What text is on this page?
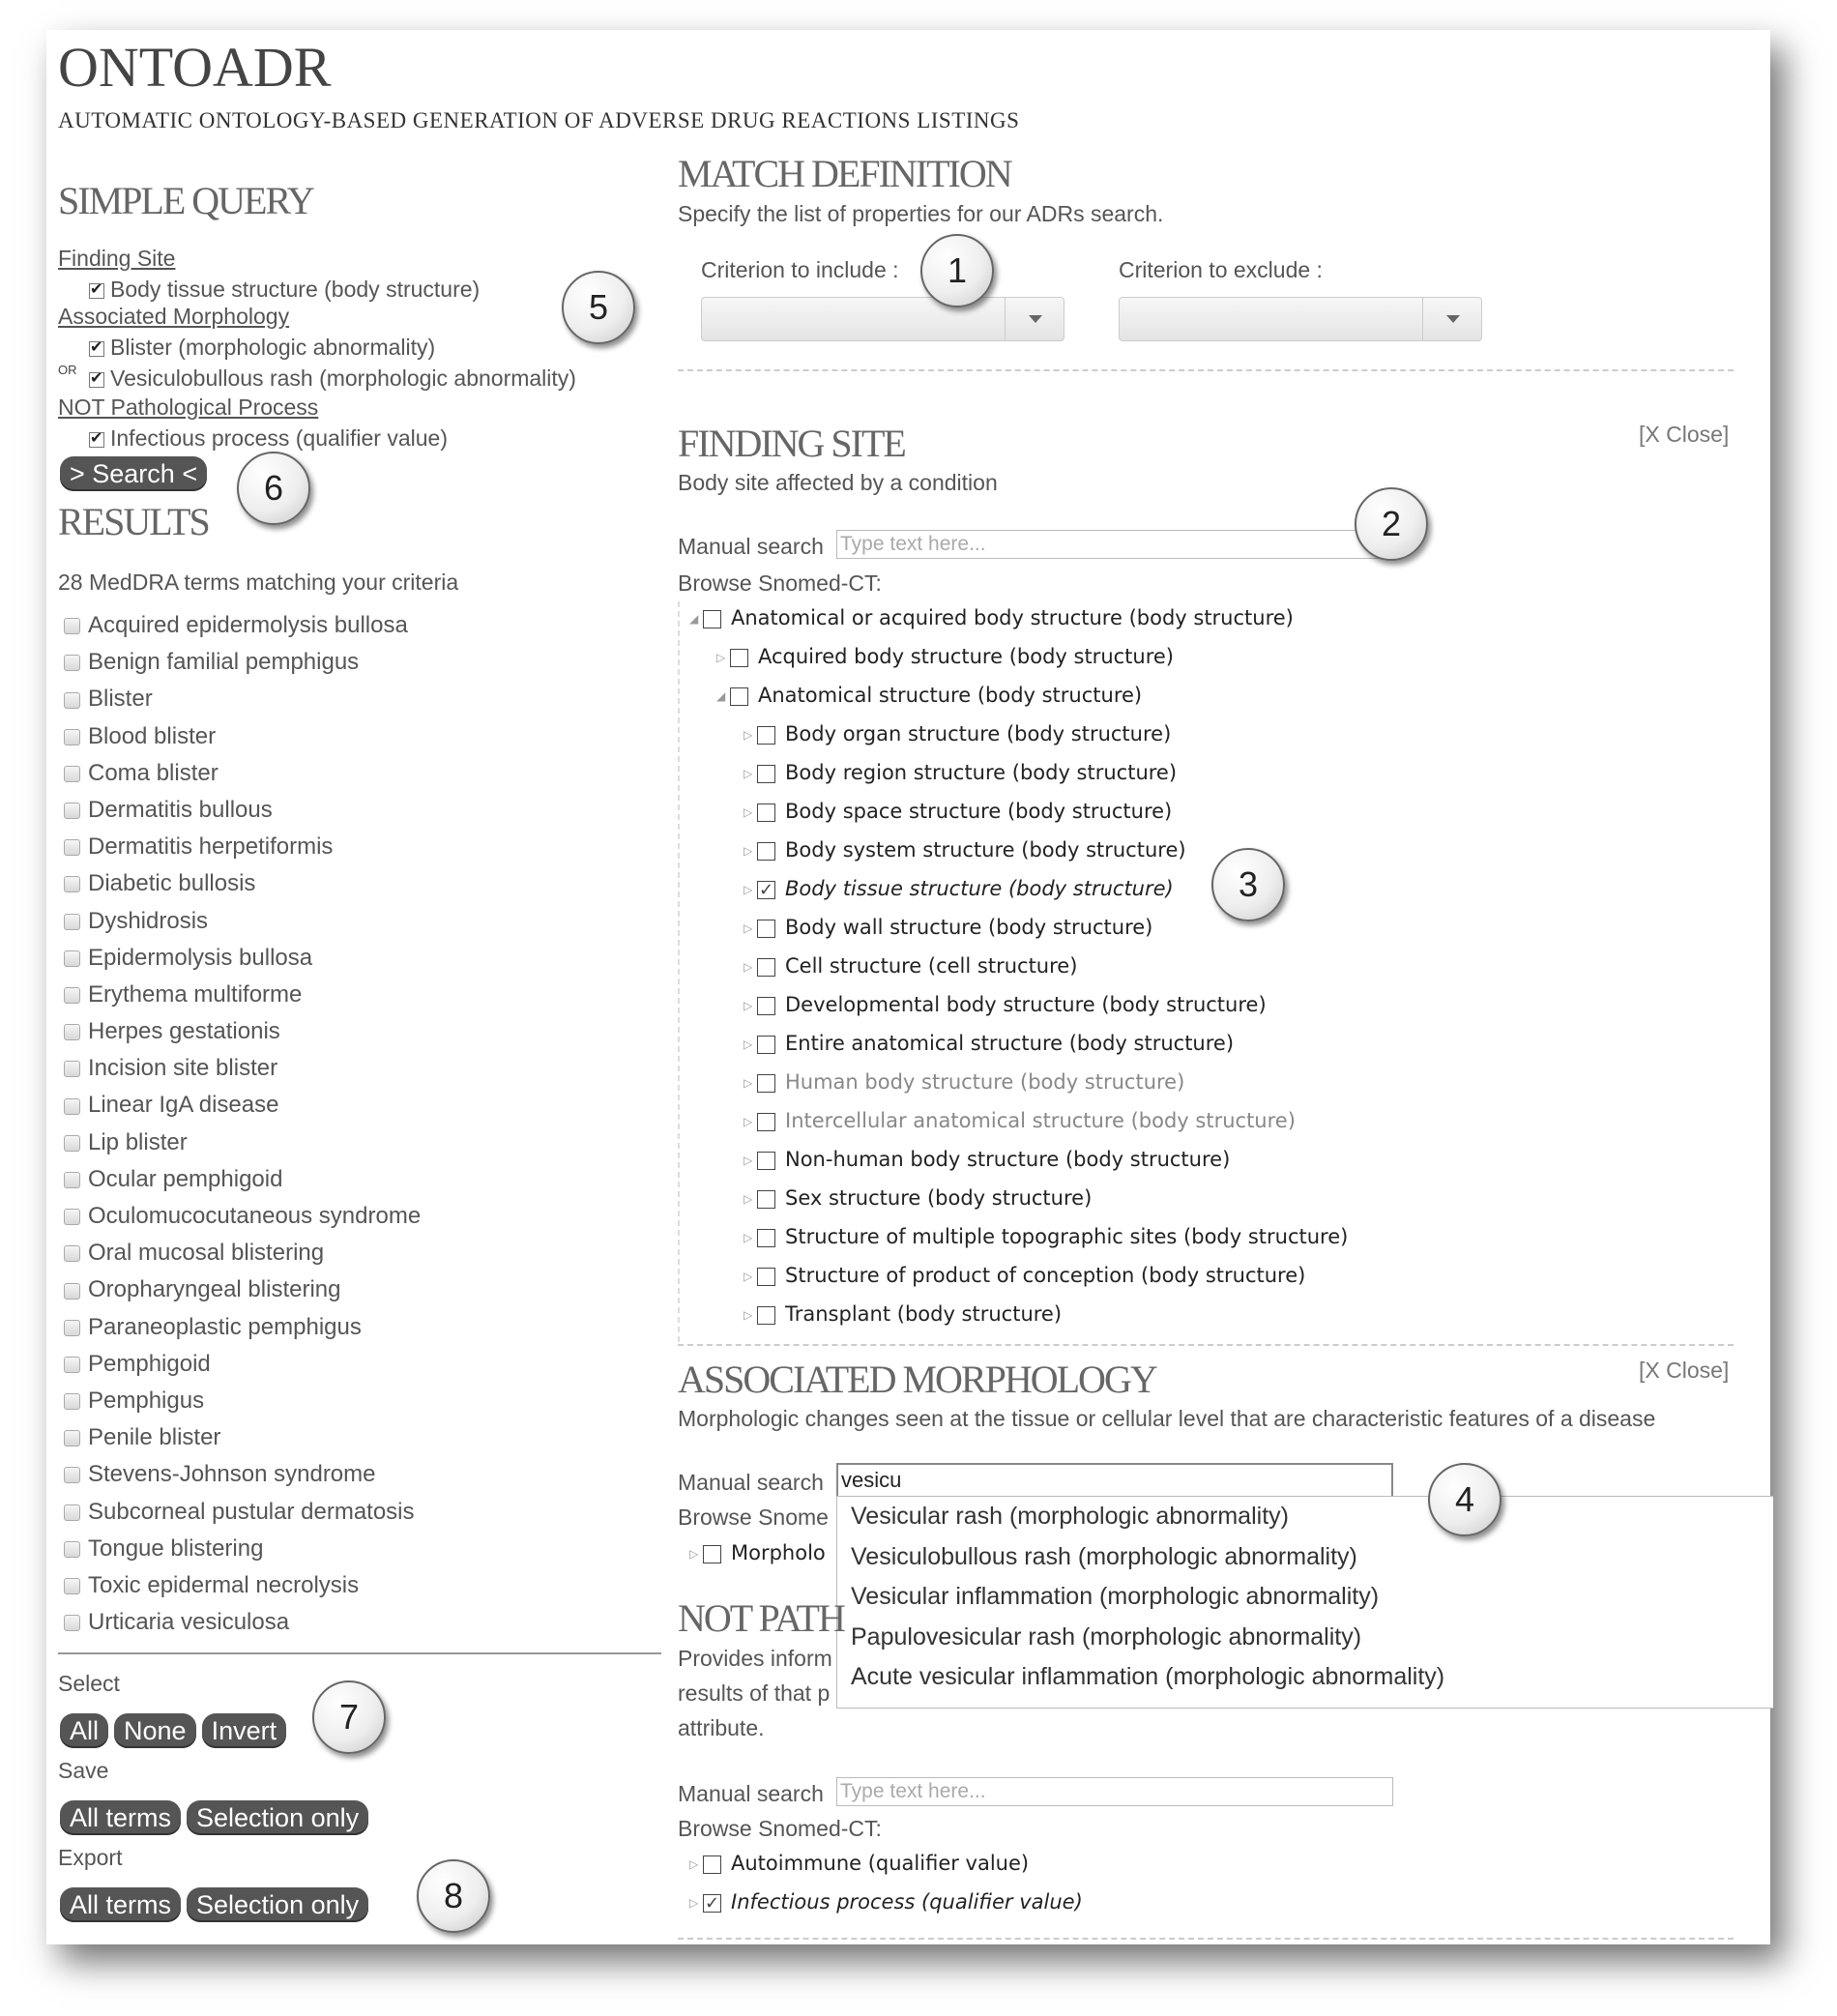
ONTOADR
AUTOMATIC ONTOLOGY-BASED GENERATION OF ADVERSE DRUG REACTIONS LISTINGS
SIMPLE QUERY
Finding Site
✔Body tissue structure (body structure)
Associated Morphology
✔Blister (morphologic abnormality)
OR ✔	Vesiculobullous rash (morphologic abnormality)
NOT Pathological Process
✔Infectious process (qualifier value)
> Search <
RESULTS
28 MedDRA terms matching your criteria
Acquired epidermolysis bullosa
Benign familial pemphigus
Blister
Blood blister
Coma blister
Dermatitis bullous
Dermatitis herpetiformis
Diabetic bullosis
Dyshidrosis
Epidermolysis bullosa
Erythema multiforme
Herpes gestationis
Incision site blister
Linear IgA disease
Lip blister
Ocular pemphigoid
Oculomucocutaneous syndrome
Oral mucosal blistering
Oropharyngeal blistering
Paraneoplastic pemphigus
Pemphigoid
Pemphigus
Penile blister
Stevens-Johnson syndrome
Subcorneal pustular dermatosis
Tongue blistering
Toxic epidermal necrolysis
Urticaria vesiculosa
Select
All None Invert
Save
All terms Selection only
Export
All terms Selection only
MATCH DEFINITION
Specify the list of properties for our ADRs search.
Criterion to include :	Criterion to exclude :
FINDING SITE	[X Close]
Body site affected by a condition
Manual search Type text here...
Browse Snomed-CT:
◢ Anatomical or acquired body structure (body structure)
▷ Acquired body structure (body structure)
◢ Anatomical structure (body structure)
▷ Body organ structure (body structure)
▷ Body region structure (body structure)
▷ Body space structure (body structure)
▷ Body system structure (body structure)
▷ ✓ Body tissue structure (body structure)
▷ Body wall structure (body structure)
▷ Cell structure (cell structure)
▷ Developmental body structure (body structure)
▷ Entire anatomical structure (body structure)
▷ Human body structure (body structure)
▷ Intercellular anatomical structure (body structure)
▷ Non-human body structure (body structure)
▷ Sex structure (body structure)
▷ Structure of multiple topographic sites (body structure)
▷ Structure of product of conception (body structure)
▷ Transplant (body structure)
ASSOCIATED MORPHOLOGY	[X Close]
Morphologic changes seen at the tissue or cellular level that are characteristic features of a disease
Manual search vesicu
Browse Snome
▷ Morpholo
Vesicular rash (morphologic abnormality)
Vesiculobullous rash (morphologic abnormality)
Vesicular inflammation (morphologic abnormality)
Papulovesicular rash (morphologic abnormality)
Acute vesicular inflammation (morphologic abnormality)
NOT PATH
Provides inform
results of that p
attribute.
Manual search Type text here...
Browse Snomed-CT:
▷ Autoimmune (qualifier value)
▷ ✓ Infectious process (qualifier value)
1
2
3
4
5
6
7
8
